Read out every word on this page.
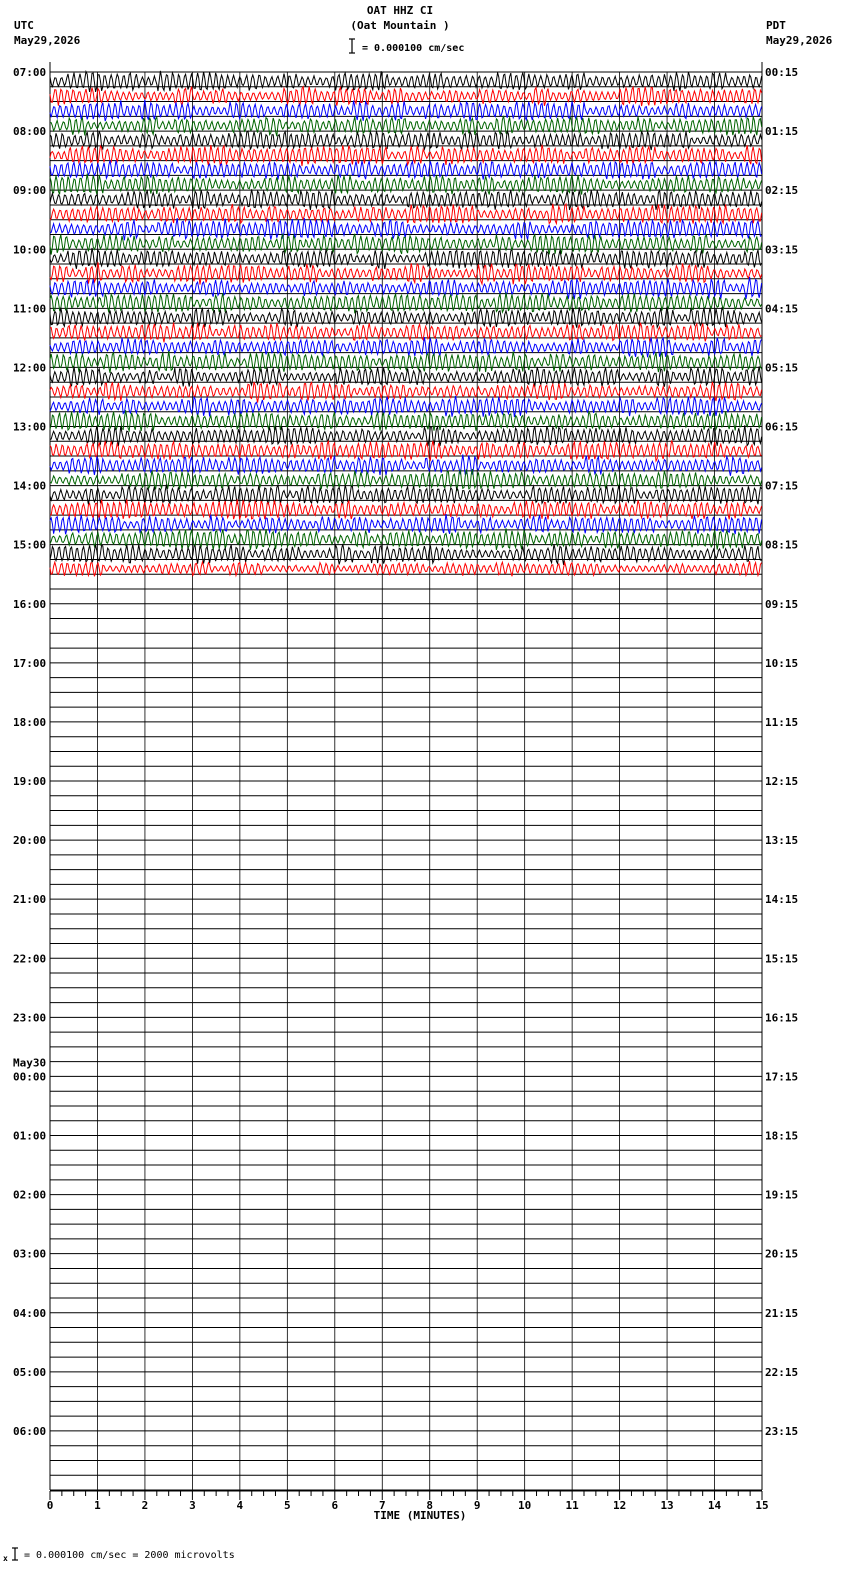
OAT HHZ CI
(Oat Mountain )
= 0.000100 cm/sec
UTC
May29,2026
PDT
May29,2026
0	1	2	3	4	5	6	7	8	9	10	11	12	13	14	15
07:00
08:00
09:00
10:00
11:00
12:00
13:00
14:00
15:00
16:00
17:00
18:00
19:00
20:00
21:00
22:00
23:00
00:00
01:00
02:00
03:00
04:00
05:00
06:00
00:15
01:15
02:15
03:15
04:15
05:15
06:15
07:15
08:15
09:15
10:15
11:15
12:15
13:15
14:15
15:15
16:15
17:15
18:15
19:15
20:15
21:15
22:15
23:15
May30
TIME (MINUTES)
= 0.000100 cm/sec = 2000 microvolts
x
